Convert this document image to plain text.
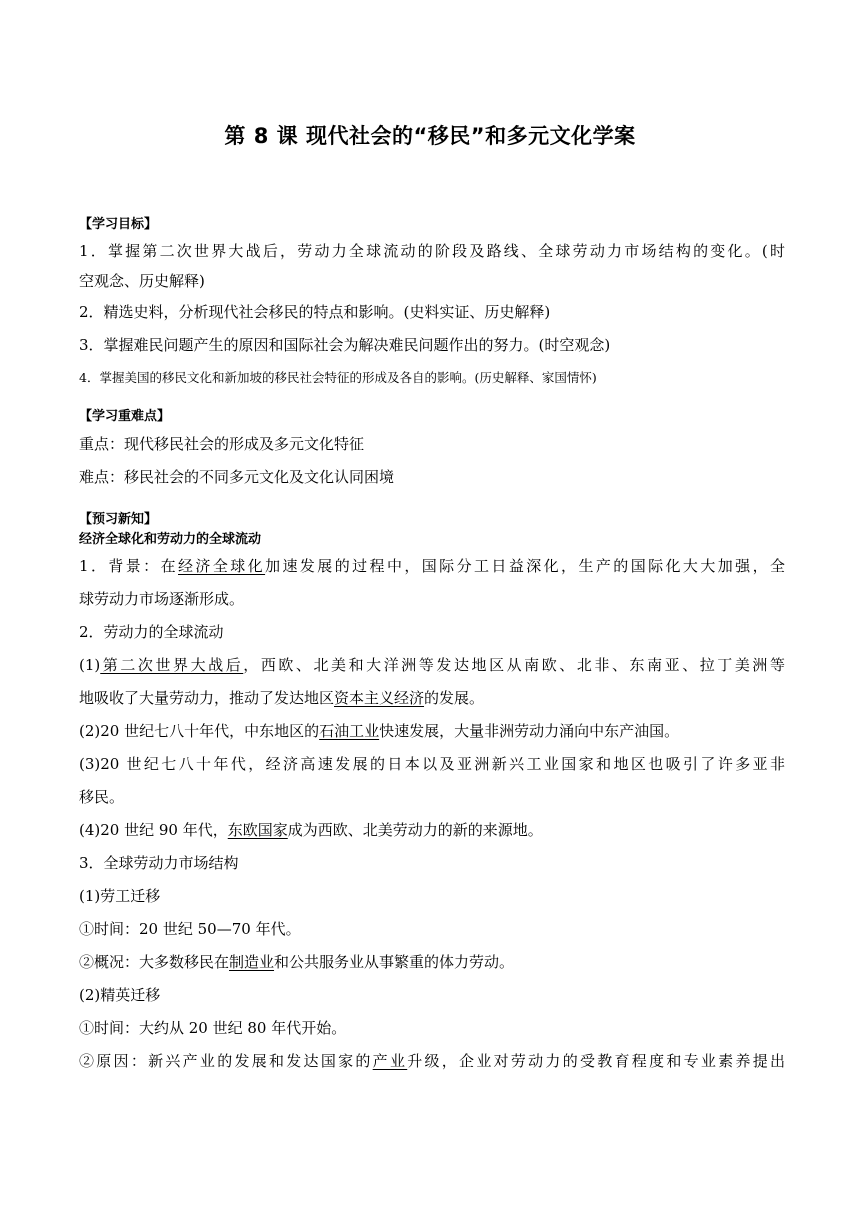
第 8 课 现代社会的“移民”和多元文化学案
【学习目标】
1．掌握第二次世界大战后，劳动力全球流动的阶段及路线、全球劳动力市场结构的变化。(时
空观念、历史解释)
2．精选史料，分析现代社会移民的特点和影响。(史料实证、历史解释)
3．掌握难民问题产生的原因和国际社会为解决难民问题作出的努力。(时空观念)
4．掌握美国的移民文化和新加坡的移民社会特征的形成及各自的影响。(历史解释、家国情怀)
【学习重难点】
重点：现代移民社会的形成及多元文化特征
难点：移民社会的不同多元文化及文化认同困境
【预习新知】
经济全球化和劳动力的全球流动
1．背景：在经济全球化加速发展的过程中，国际分工日益深化，生产的国际化大大加强，全
球劳动力市场逐渐形成。
2．劳动力的全球流动
(1)第二次世界大战后，西欧、北美和大洋洲等发达地区从南欧、北非、东南亚、拉丁美洲等
地吸收了大量劳动力，推动了发达地区资本主义经济的发展。
(2)20 世纪七八十年代，中东地区的石油工业快速发展，大量非洲劳动力涌向中东产油国。
(3)20 世纪七八十年代，经济高速发展的日本以及亚洲新兴工业国家和地区也吸引了许多亚非
移民。
(4)20 世纪 90 年代，东欧国家成为西欧、北美劳动力的新的来源地。
3．全球劳动力市场结构
(1)劳工迁移
①时间：20 世纪 50—70 年代。
②概况：大多数移民在制造业和公共服务业从事繁重的体力劳动。
(2)精英迁移
①时间：大约从 20 世纪 80 年代开始。
②原因：新兴产业的发展和发达国家的产业升级，企业对劳动力的受教育程度和专业素养提出
